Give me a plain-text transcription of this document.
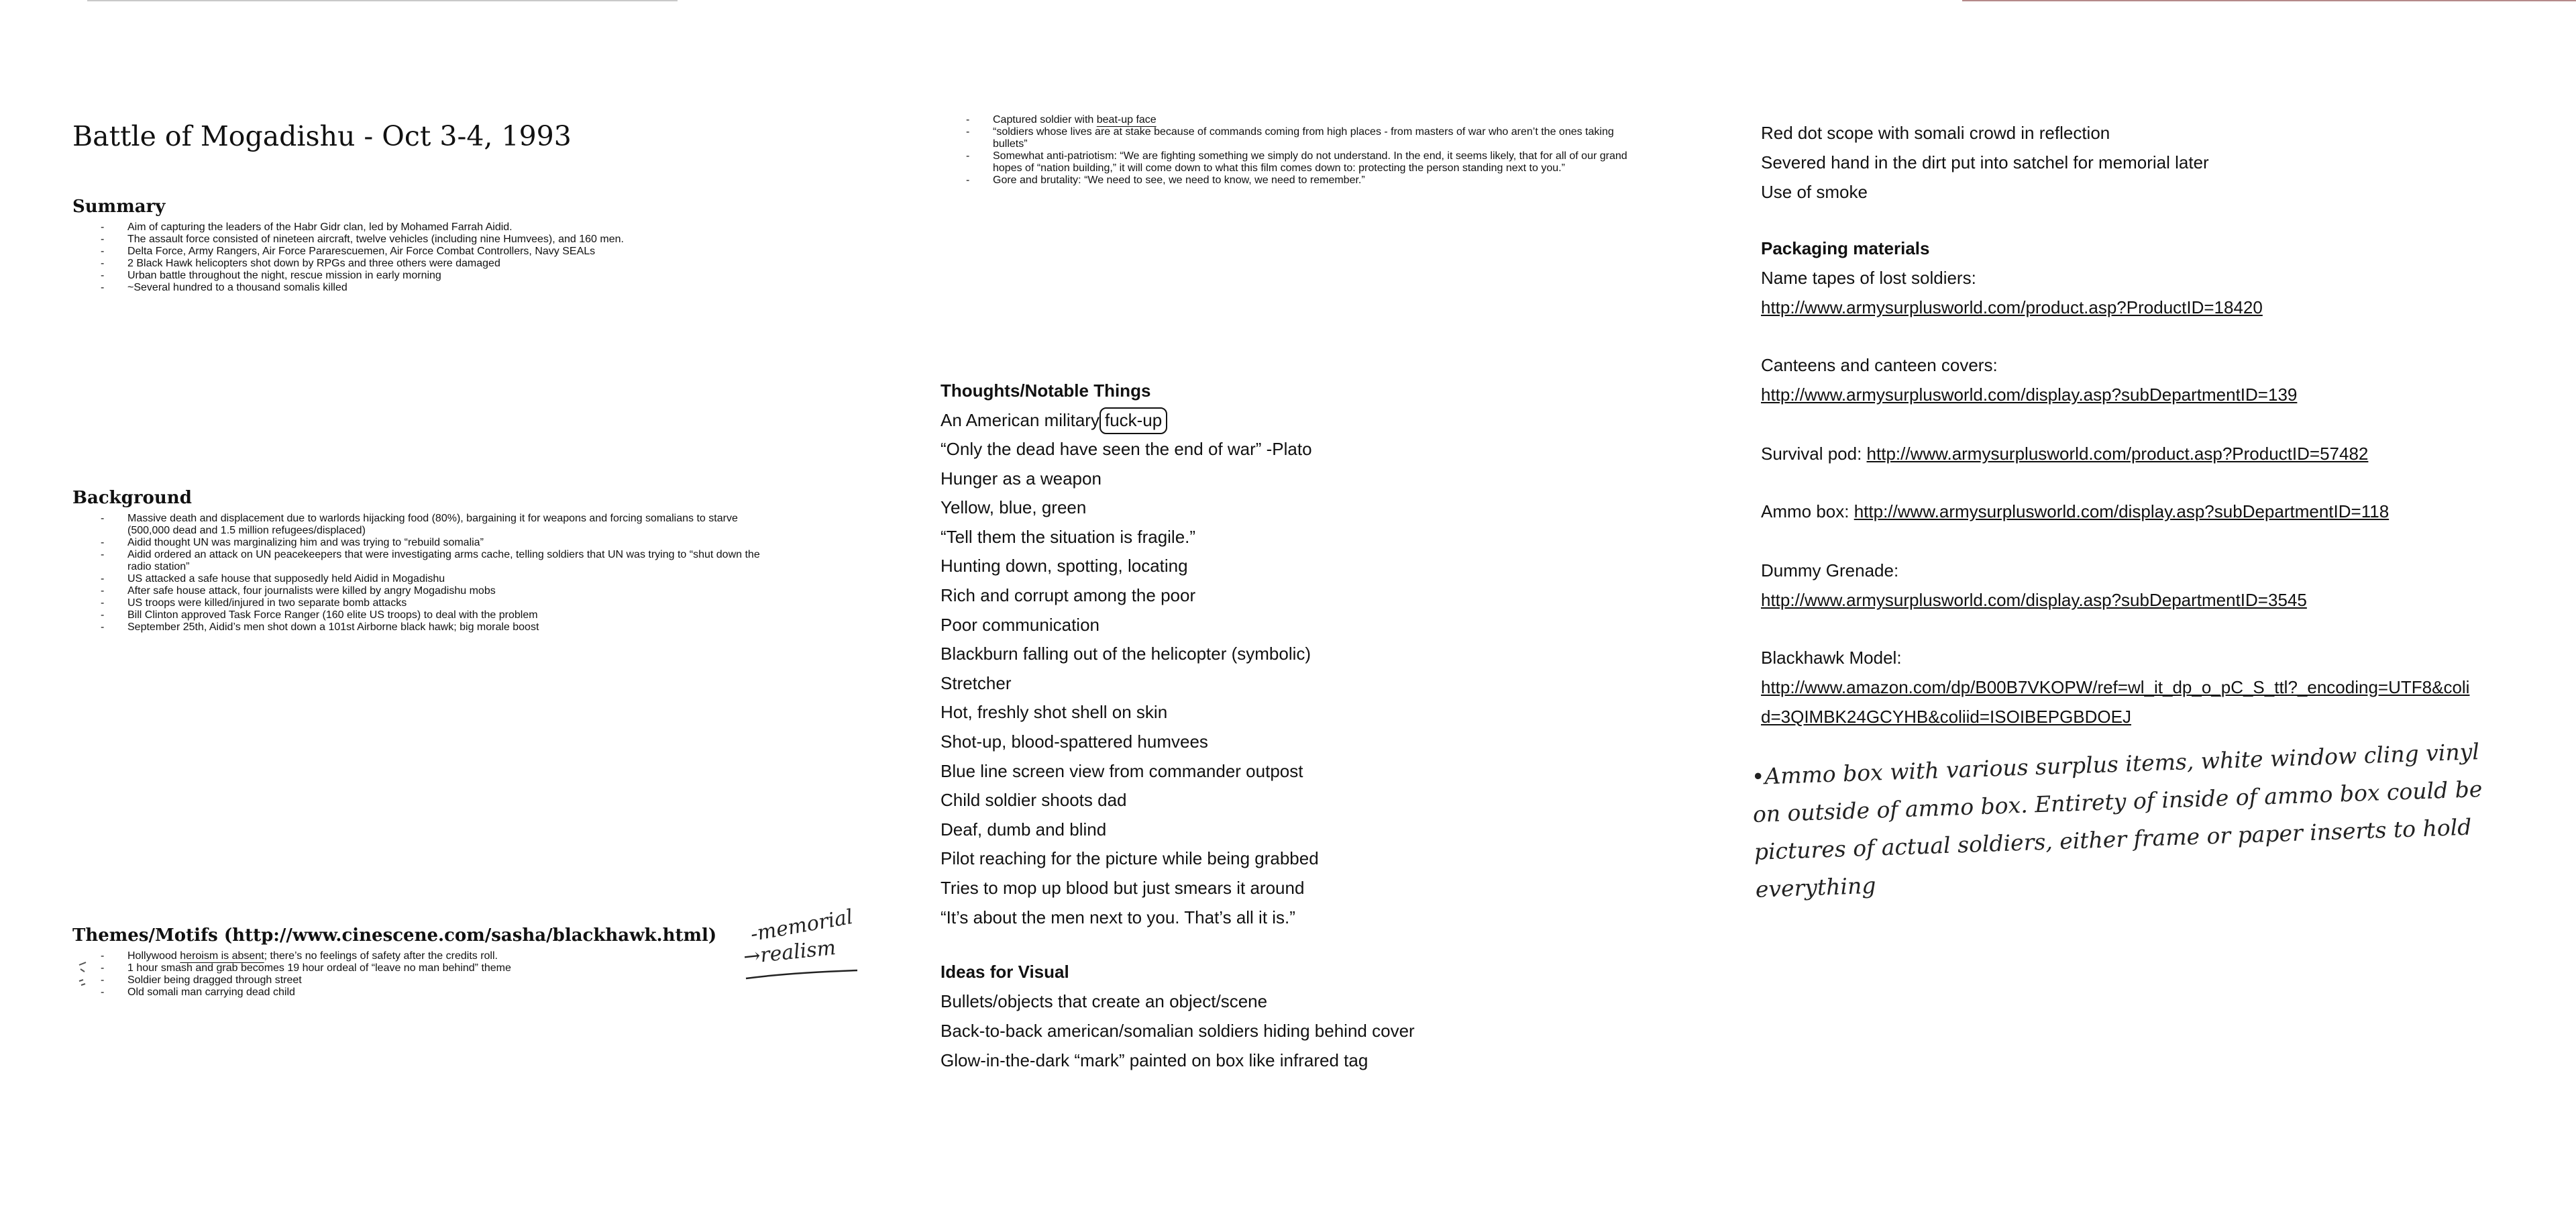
Battle of Mogadishu - Oct 3-4, 1993
Summary
- Aim of capturing the leaders of the Habr Gidr clan, led by Mohamed Farrah Aidid.
- The assault force consisted of nineteen aircraft, twelve vehicles (including nine Humvees), and 160 men.
- Delta Force, Army Rangers, Air Force Pararescuemen, Air Force Combat Controllers, Navy SEALs
- 2 Black Hawk helicopters shot down by RPGs and three others were damaged
- Urban battle throughout the night, rescue mission in early morning
- ~Several hundred to a thousand somalis killed
Background
- Massive death and displacement due to warlords hijacking food (80%), bargaining it for weapons and forcing somalians to starve (500,000 dead and 1.5 million refugees/displaced)
- Aidid thought UN was marginalizing him and was trying to “rebuild somalia”
- Aidid ordered an attack on UN peacekeepers that were investigating arms cache, telling soldiers that UN was trying to “shut down the radio station”
- US attacked a safe house that supposedly held Aidid in Mogadishu
- After safe house attack, four journalists were killed by angry Mogadishu mobs
- US troops were killed/injured in two separate bomb attacks
- Bill Clinton approved Task Force Ranger (160 elite US troops) to deal with the problem
- September 25th, Aidid’s men shot down a 101st Airborne black hawk; big morale boost
Themes/Motifs (http://www.cinescene.com/sasha/blackhawk.html)
- Hollywood heroism is absent; there’s no feelings of safety after the credits roll.
- 1 hour smash and grab becomes 19 hour ordeal of “leave no man behind” theme
- Soldier being dragged through street
- Old somali man carrying dead child
-memorial
→realism
- Captured soldier with beat-up face
- “soldiers whose lives are at stake because of commands coming from high places - from masters of war who aren’t the ones taking bullets”
- Somewhat anti-patriotism: “We are fighting something we simply do not understand. In the end, it seems likely, that for all of our grand hopes of “nation building,” it will come down to what this film comes down to: protecting the person standing next to you.”
- Gore and brutality: “We need to see, we need to know, we need to remember.”
Thoughts/Notable Things
An American military fuck-up
“Only the dead have seen the end of war” -Plato
Hunger as a weapon
Yellow, blue, green
“Tell them the situation is fragile.”
Hunting down, spotting, locating
Rich and corrupt among the poor
Poor communication
Blackburn falling out of the helicopter (symbolic)
Stretcher
Hot, freshly shot shell on skin
Shot-up, blood-spattered humvees
Blue line screen view from commander outpost
Child soldier shoots dad
Deaf, dumb and blind
Pilot reaching for the picture while being grabbed
Tries to mop up blood but just smears it around
“It’s about the men next to you. That’s all it is.”
Ideas for Visual
Bullets/objects that create an object/scene
Back-to-back american/somalian soldiers hiding behind cover
Glow-in-the-dark “mark” painted on box like infrared tag
Red dot scope with somali crowd in reflection
Severed hand in the dirt put into satchel for memorial later
Use of smoke
Packaging materials
Name tapes of lost soldiers:
http://www.armysurplusworld.com/product.asp?ProductID=18420
Canteens and canteen covers:
http://www.armysurplusworld.com/display.asp?subDepartmentID=139
Survival pod: http://www.armysurplusworld.com/product.asp?ProductID=57482
Ammo box: http://www.armysurplusworld.com/display.asp?subDepartmentID=118
Dummy Grenade:
http://www.armysurplusworld.com/display.asp?subDepartmentID=3545
Blackhawk Model:
http://www.amazon.com/dp/B00B7VKOPW/ref=wl_it_dp_o_pC_S_ttl?_encoding=UTF8&coli
d=3QIMBK24GCYHB&coliid=ISOIBEPGBDOEJ
•Ammo box with various surplus items, white window cling vinyl
on outside of ammo box. Entirety of inside of ammo box could be
pictures of actual soldiers, either frame or paper inserts to hold
everything
